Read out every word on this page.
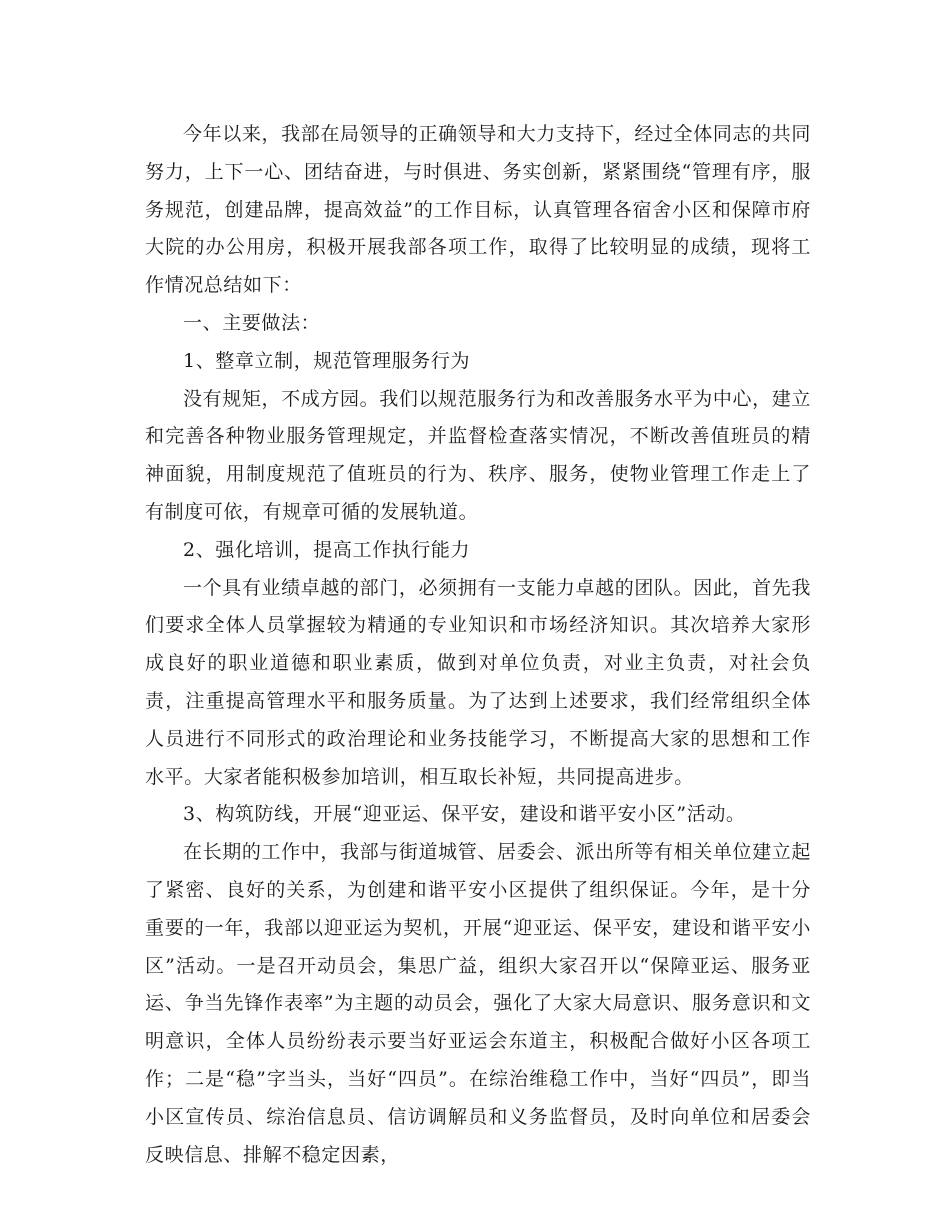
今年以来，我部在局领导的正确领导和大力支持下，经过全体同志的共同努力，上下一心、团结奋进，与时俱进、务实创新，紧紧围绕“管理有序，服务规范，创建品牌，提高效益”的工作目标，认真管理各宿舍小区和保障市府大院的办公用房，积极开展我部各项工作，取得了比较明显的成绩，现将工作情况总结如下：

一、主要做法：

1、整章立制，规范管理服务行为

没有规矩，不成方园。我们以规范服务行为和改善服务水平为中心，建立和完善各种物业服务管理规定，并监督检查落实情况，不断改善值班员的精神面貌，用制度规范了值班员的行为、秩序、服务，使物业管理工作走上了有制度可依，有规章可循的发展轨道。

2、强化培训，提高工作执行能力

一个具有业绩卓越的部门，必须拥有一支能力卓越的团队。因此，首先我们要求全体人员掌握较为精通的专业知识和市场经济知识。其次培养大家形成良好的职业道德和职业素质，做到对单位负责，对业主负责，对社会负责，注重提高管理水平和服务质量。为了达到上述要求，我们经常组织全体人员进行不同形式的政治理论和业务技能学习，不断提高大家的思想和工作水平。大家者能积极参加培训，相互取长补短，共同提高进步。

3、构筑防线，开展“迎亚运、保平安，建设和谐平安小区”活动。

在长期的工作中，我部与街道城管、居委会、派出所等有相关单位建立起了紧密、良好的关系，为创建和谐平安小区提供了组织保证。今年，是十分重要的一年，我部以迎亚运为契机，开展“迎亚运、保平安，建设和谐平安小区”活动。一是召开动员会，集思广益，组织大家召开以“保障亚运、服务亚运、争当先锋作表率”为主题的动员会，强化了大家大局意识、服务意识和文明意识，全体人员纷纷表示要当好亚运会东道主，积极配合做好小区各项工作；二是“稳”字当头，当好“四员”。在综治维稳工作中，当好“四员”，即当小区宣传员、综治信息员、信访调解员和义务监督员，及时向单位和居委会反映信息、排解不稳定因素，
